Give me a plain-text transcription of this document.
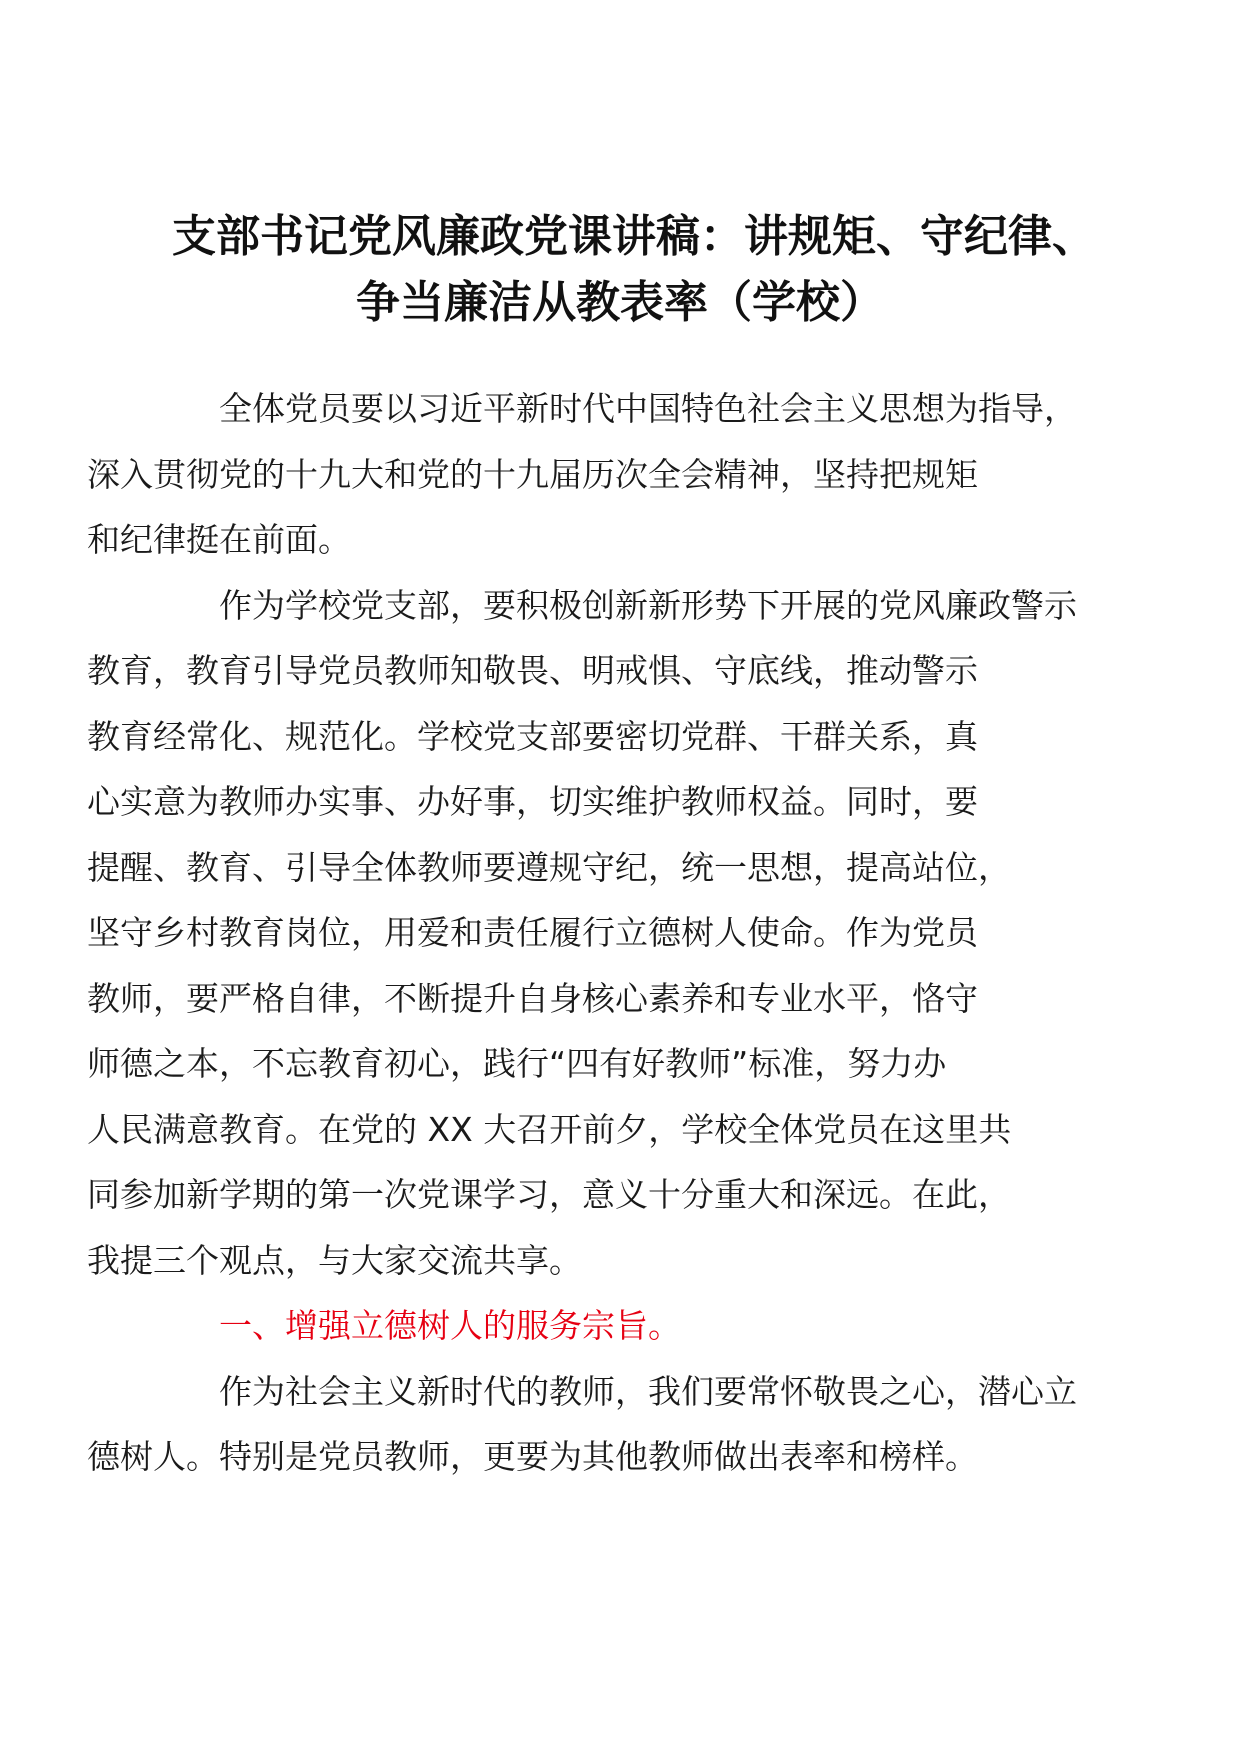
支部书记党风廉政党课讲稿：讲规矩、守纪律、
争当廉洁从教表率（学校）

全体党员要以习近平新时代中国特色社会主义思想为指导，
深入贯彻党的十九大和党的十九届历次全会精神，坚持把规矩
和纪律挺在前面。

作为学校党支部，要积极创新新形势下开展的党风廉政警示
教育，教育引导党员教师知敬畏、明戒惧、守底线，推动警示
教育经常化、规范化。学校党支部要密切党群、干群关系，真
心实意为教师办实事、办好事，切实维护教师权益。同时，要
提醒、教育、引导全体教师要遵规守纪，统一思想，提高站位，
坚守乡村教育岗位，用爱和责任履行立德树人使命。作为党员
教师，要严格自律，不断提升自身核心素养和专业水平，恪守
师德之本，不忘教育初心，践行“四有好教师”标准，努力办
人民满意教育。在党的 XX 大召开前夕，学校全体党员在这里共
同参加新学期的第一次党课学习，意义十分重大和深远。在此，
我提三个观点，与大家交流共享。

一、增强立德树人的服务宗旨。

作为社会主义新时代的教师，我们要常怀敬畏之心，潜心立
德树人。特别是党员教师，更要为其他教师做出表率和榜样。
